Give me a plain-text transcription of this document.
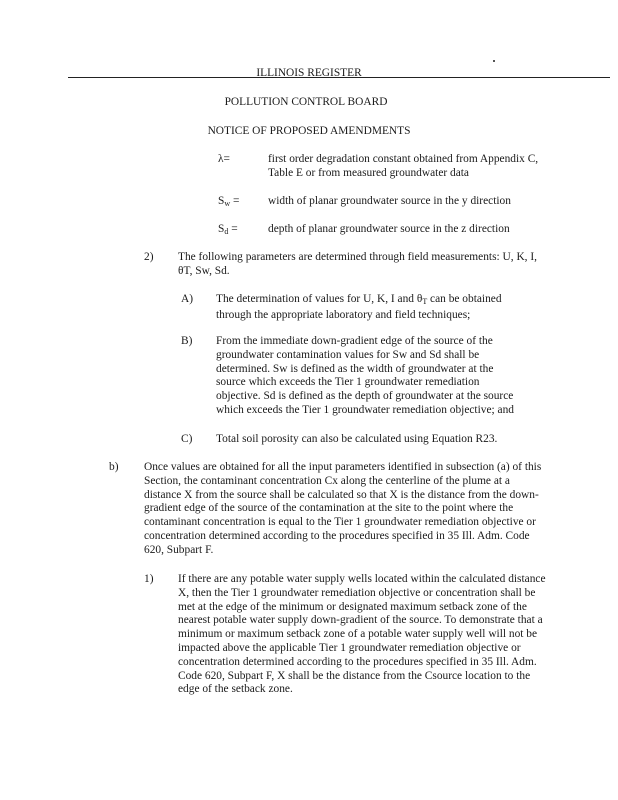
ILLINOIS REGISTER
POLLUTION CONTROL BOARD
NOTICE OF PROPOSED AMENDMENTS
λ=	first order degradation constant obtained from Appendix C, Table E or from measured groundwater data
$S_w$ =	width of planar groundwater source in the y direction
$S_d$ =	depth of planar groundwater source in the z direction
2) The following parameters are determined through field measurements: U, K, I, θT, Sw, Sd.
A) The determination of values for U, K, I and $\theta_T$ can be obtained through the appropriate laboratory and field techniques;
B) From the immediate down-gradient edge of the source of the groundwater contamination values for Sw and Sd shall be determined. Sw is defined as the width of groundwater at the source which exceeds the Tier 1 groundwater remediation objective. Sd is defined as the depth of groundwater at the source which exceeds the Tier 1 groundwater remediation objective; and
C) Total soil porosity can also be calculated using Equation R23.
b) Once values are obtained for all the input parameters identified in subsection (a) of this Section, the contaminant concentration Cx along the centerline of the plume at a distance X from the source shall be calculated so that X is the distance from the down-gradient edge of the source of the contamination at the site to the point where the contaminant concentration is equal to the Tier 1 groundwater remediation objective or concentration determined according to the procedures specified in 35 Ill. Adm. Code 620, Subpart F.
1) If there are any potable water supply wells located within the calculated distance X, then the Tier 1 groundwater remediation objective or concentration shall be met at the edge of the minimum or designated maximum setback zone of the nearest potable water supply down-gradient of the source. To demonstrate that a minimum or maximum setback zone of a potable water supply well will not be impacted above the applicable Tier 1 groundwater remediation objective or concentration determined according to the procedures specified in 35 Ill. Adm. Code 620, Subpart F, X shall be the distance from the Csource location to the edge of the setback zone.
